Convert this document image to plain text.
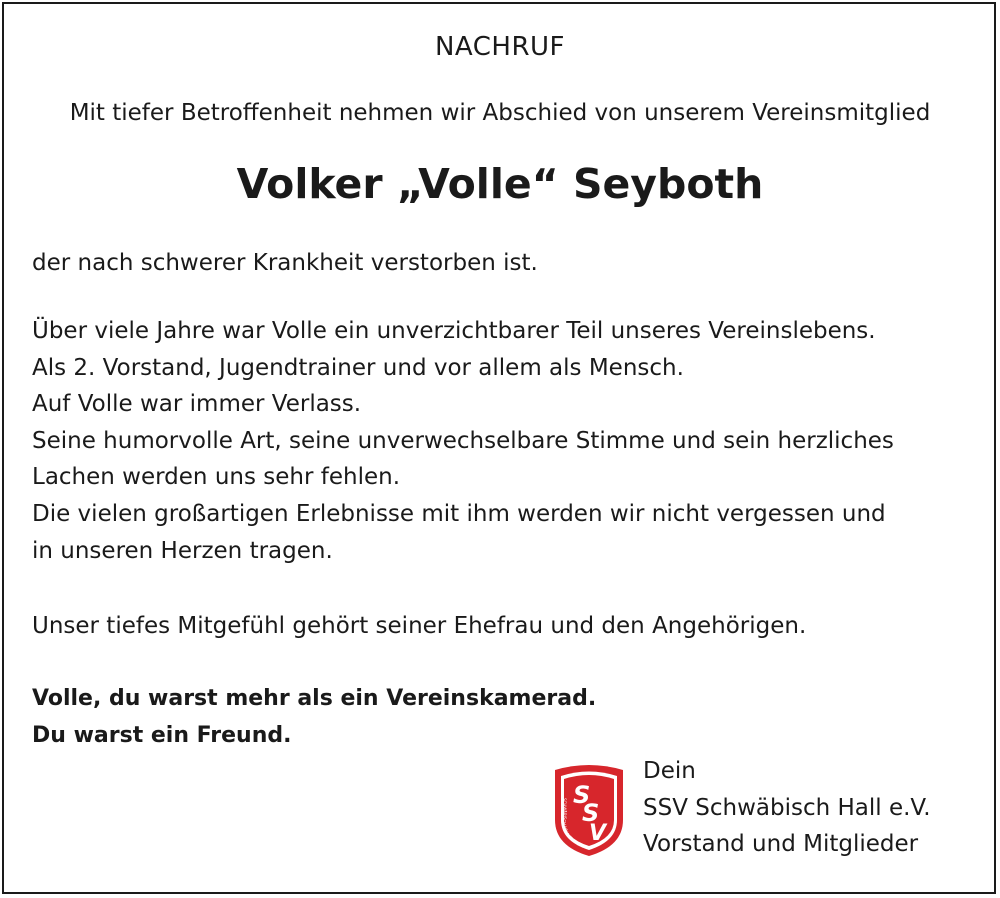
NACHRUF
Mit tiefer Betroffenheit nehmen wir Abschied von unserem Vereinsmitglied
Volker „Volle“ Seyboth
der nach schwerer Krankheit verstorben ist.
Über viele Jahre war Volle ein unverzichtbarer Teil unseres Vereinslebens.
Als 2. Vorstand, Jugendtrainer und vor allem als Mensch.
Auf Volle war immer Verlass.
Seine humorvolle Art, seine unverwechselbare Stimme und sein herzliches
Lachen werden uns sehr fehlen.
Die vielen großartigen Erlebnisse mit ihm werden wir nicht vergessen und
in unseren Herzen tragen.
Unser tiefes Mitgefühl gehört seiner Ehefrau und den Angehörigen.
Volle, du warst mehr als ein Vereinskamerad.
Du warst ein Freund.
S
S
V
SCHWÄBISCH HALL 1961 E.V.
Dein
SSV Schwäbisch Hall e.V.
Vorstand und Mitglieder
